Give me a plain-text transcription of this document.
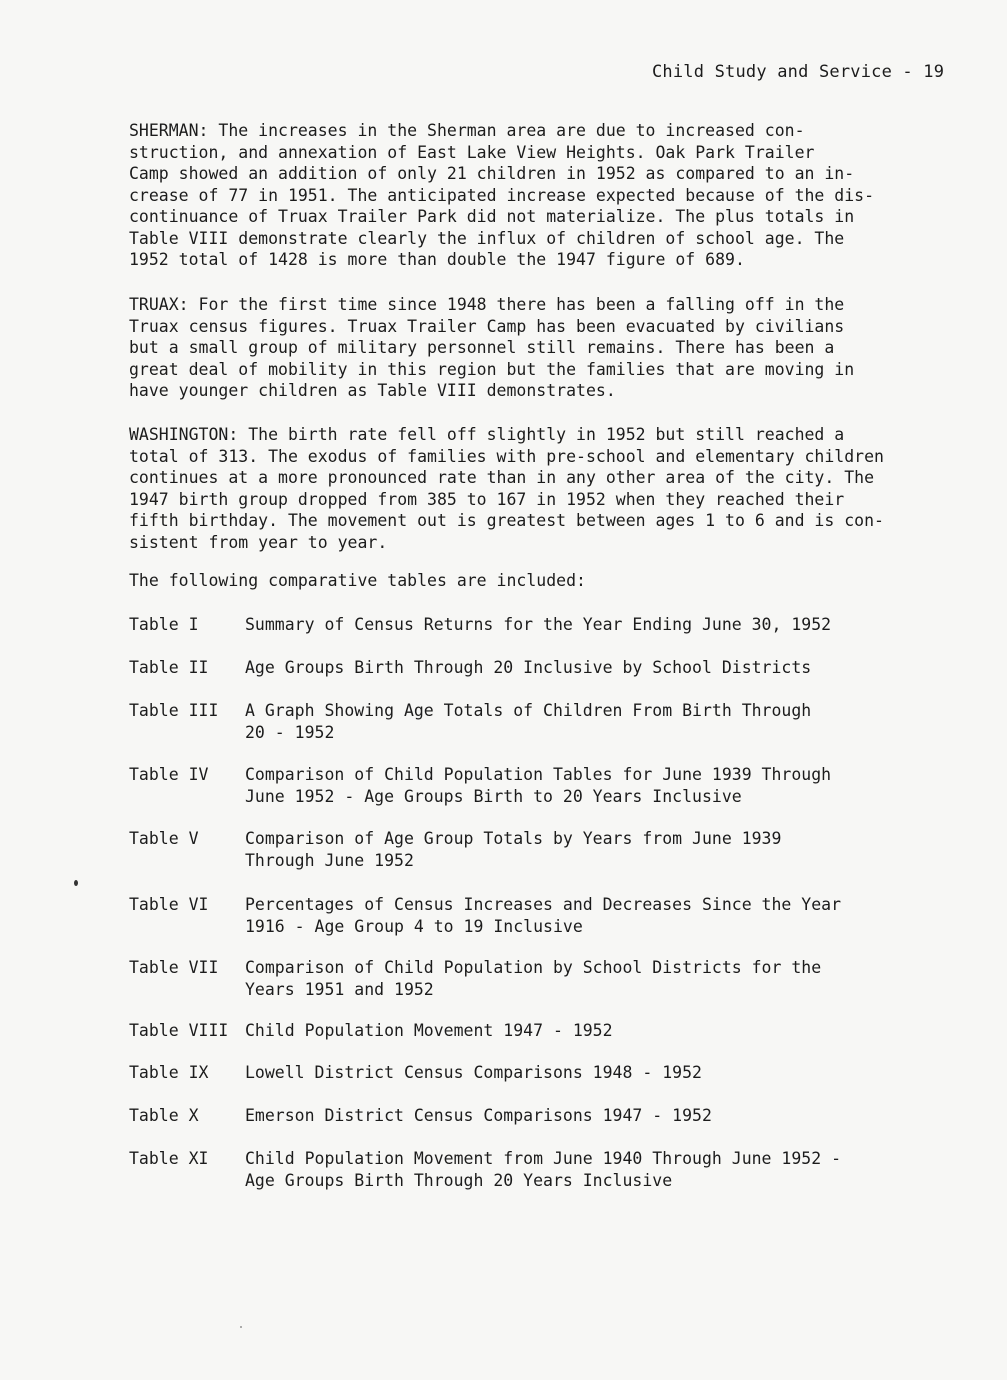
Child Study and Service - 19
SHERMAN: The increases in the Sherman area are due to increased con-
struction, and annexation of East Lake View Heights. Oak Park Trailer
Camp showed an addition of only 21 children in 1952 as compared to an in-
crease of 77 in 1951. The anticipated increase expected because of the dis-
continuance of Truax Trailer Park did not materialize. The plus totals in
Table VIII demonstrate clearly the influx of children of school age. The
1952 total of 1428 is more than double the 1947 figure of 689.
TRUAX: For the first time since 1948 there has been a falling off in the
Truax census figures. Truax Trailer Camp has been evacuated by civilians
but a small group of military personnel still remains. There has been a
great deal of mobility in this region but the families that are moving in
have younger children as Table VIII demonstrates.
WASHINGTON: The birth rate fell off slightly in 1952 but still reached a
total of 313. The exodus of families with pre-school and elementary children
continues at a more pronounced rate than in any other area of the city. The
1947 birth group dropped from 385 to 167 in 1952 when they reached their
fifth birthday. The movement out is greatest between ages 1 to 6 and is con-
sistent from year to year.
The following comparative tables are included:
Table I	Summary of Census Returns for the Year Ending June 30, 1952
Table II Age Groups Birth Through 20 Inclusive by School Districts
Table III A Graph Showing Age Totals of Children From Birth Through
20 - 1952
Table IV Comparison of Child Population Tables for June 1939 Through
June 1952 - Age Groups Birth to 20 Years Inclusive
Table V	Comparison of Age Group Totals by Years from June 1939
Through June 1952
Table VI Percentages of Census Increases and Decreases Since the Year
1916 - Age Group 4 to 19 Inclusive
Table VII Comparison of Child Population by School Districts for the
Years 1951 and 1952
Table VIII Child Population Movement 1947 - 1952
Table IX Lowell District Census Comparisons 1948 - 1952
Table X	Emerson District Census Comparisons 1947 - 1952
Table XI Child Population Movement from June 1940 Through June 1952 -
Age Groups Birth Through 20 Years Inclusive
